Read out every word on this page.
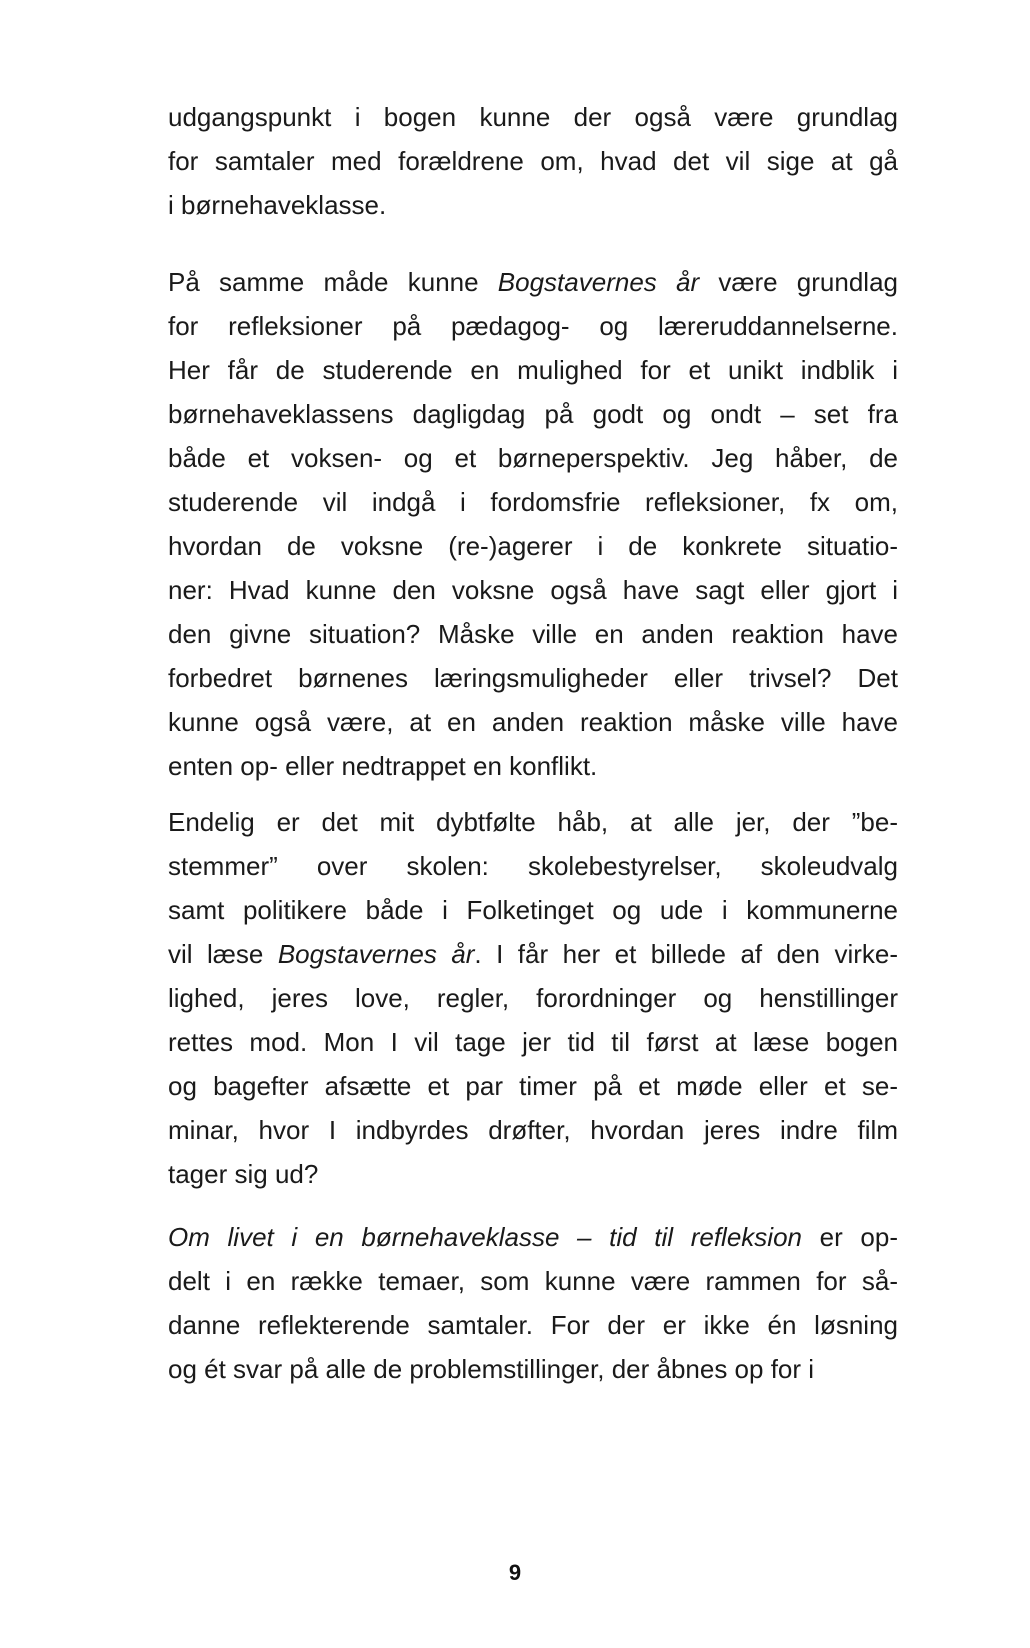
udgangspunkt i bogen kunne der også være grundlag
for samtaler med forældrene om, hvad det vil sige at gå
i børnehaveklasse.
På samme måde kunne Bogstavernes år være grundlag
for refleksioner på pædagog- og læreruddannelserne.
Her får de studerende en mulighed for et unikt indblik i
børnehaveklassens dagligdag på godt og ondt – set fra
både et voksen- og et børneperspektiv. Jeg håber, de
studerende vil indgå i fordomsfrie refleksioner, fx om,
hvordan de voksne (re-)agerer i de konkrete situatio-
ner: Hvad kunne den voksne også have sagt eller gjort i
den givne situation? Måske ville en anden reaktion have
forbedret børnenes læringsmuligheder eller trivsel? Det
kunne også være, at en anden reaktion måske ville have
enten op- eller nedtrappet en konflikt.
Endelig er det mit dybtfølte håb, at alle jer, der ”be-
stemmer” over skolen: skolebestyrelser, skoleudvalg
samt politikere både i Folketinget og ude i kommunerne
vil læse Bogstavernes år. I får her et billede af den virke-
lighed, jeres love, regler, forordninger og henstillinger
rettes mod. Mon I vil tage jer tid til først at læse bogen
og bagefter afsætte et par timer på et møde eller et se-
minar, hvor I indbyrdes drøfter, hvordan jeres indre film
tager sig ud?
Om livet i en børnehaveklasse – tid til refleksion er op-
delt i en række temaer, som kunne være rammen for så-
danne reflekterende samtaler. For der er ikke én løsning
og ét svar på alle de problemstillinger, der åbnes op for i
9
